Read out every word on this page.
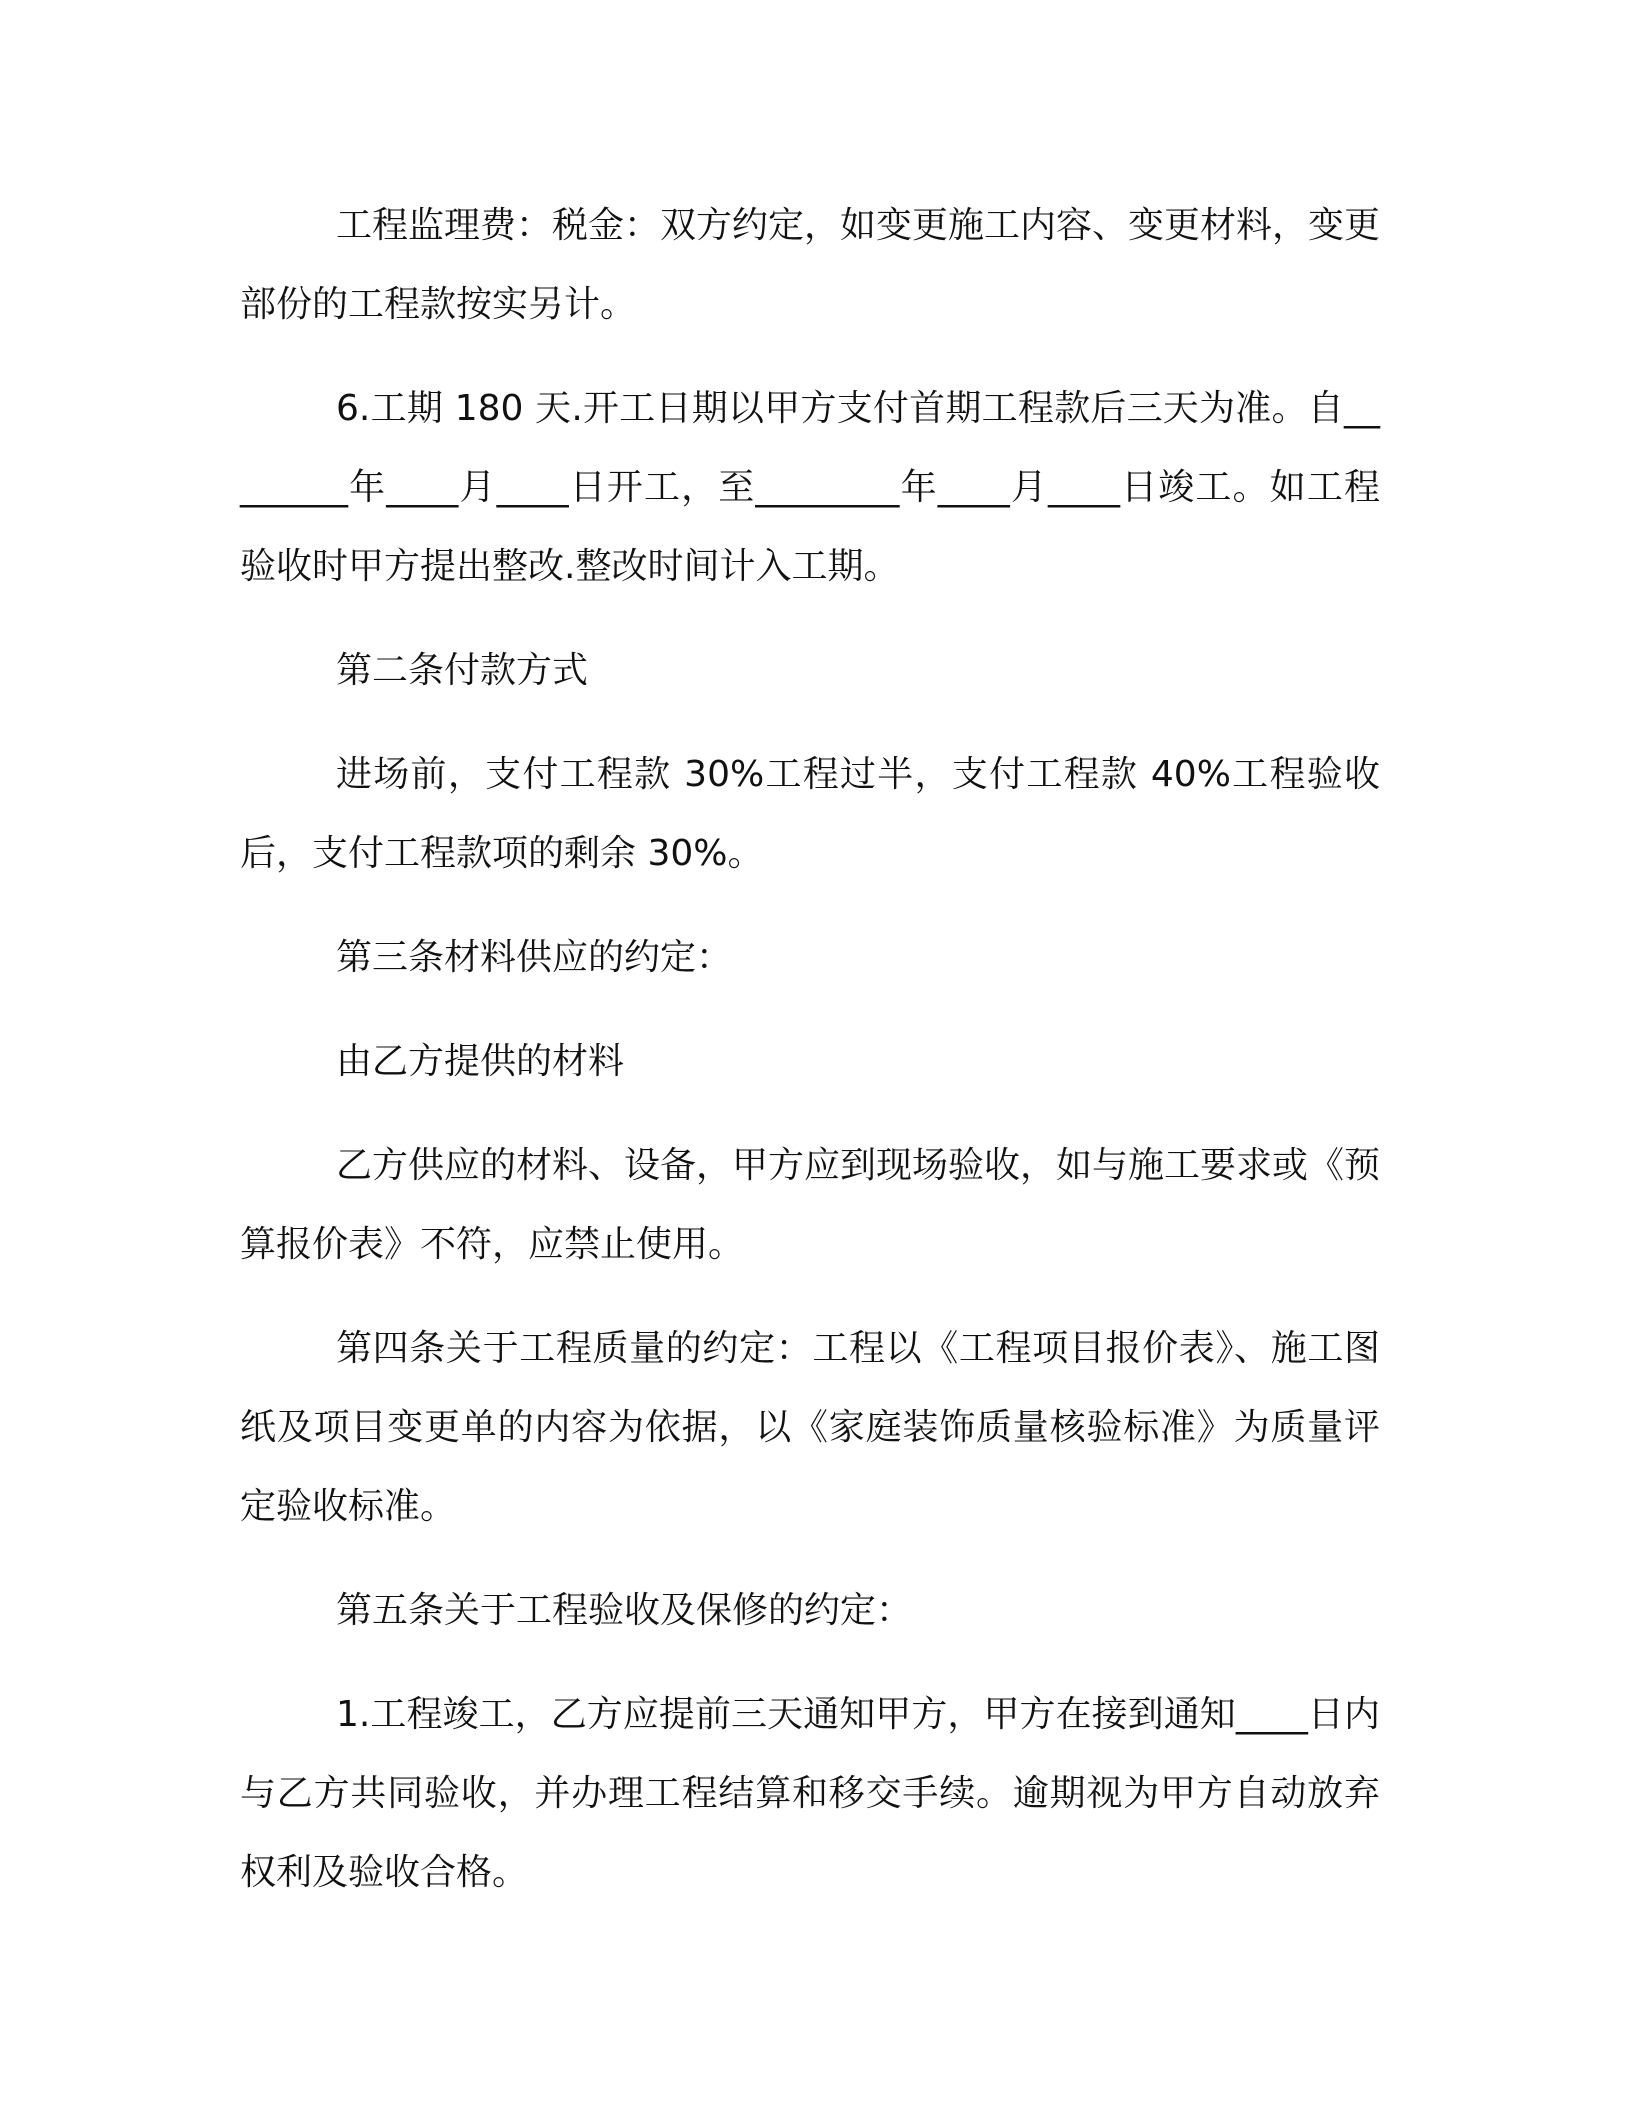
工程监理费：税金：双方约定，如变更施工内容、变更材料，变更部份的工程款按实另计。

6.工期 180 天.开工日期以甲方支付首期工程款后三天为准。自________年____月____日开工，至________年____月____日竣工。如工程验收时甲方提出整改.整改时间计入工期。

第二条付款方式

进场前，支付工程款 30%工程过半，支付工程款 40%工程验收后，支付工程款项的剩余 30%。

第三条材料供应的约定：

由乙方提供的材料

乙方供应的材料、设备，甲方应到现场验收，如与施工要求或《预算报价表》不符，应禁止使用。

第四条关于工程质量的约定：工程以《工程项目报价表》、施工图纸及项目变更单的内容为依据，以《家庭装饰质量核验标准》为质量评定验收标准。

第五条关于工程验收及保修的约定：

1.工程竣工，乙方应提前三天通知甲方，甲方在接到通知____日内与乙方共同验收，并办理工程结算和移交手续。逾期视为甲方自动放弃权利及验收合格。
